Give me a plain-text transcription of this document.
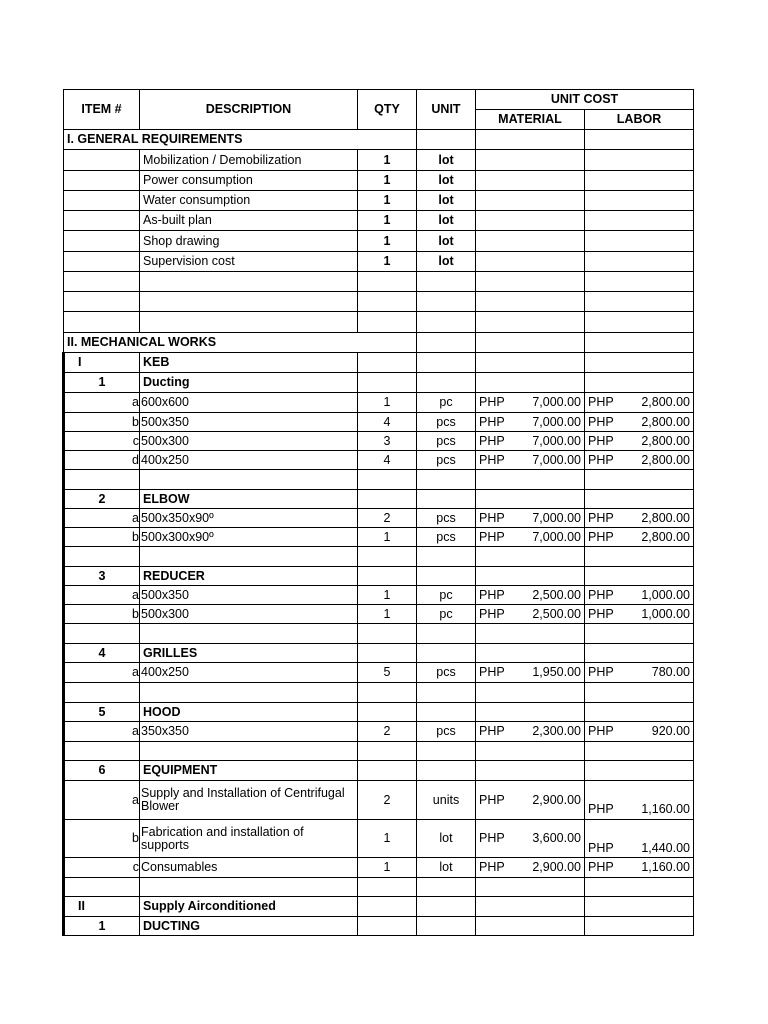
ITEM #	DESCRIPTION	QTY	UNIT	UNIT COST	
				MATERIAL	LABOR
I. GENERAL REQUIREMENTS					
	Mobilization / Demobilization	1	lot		
	Power consumption	1	lot		
	Water consumption	1	lot		
	As-built plan	1	lot		
	Shop drawing	1	lot		
	Supervision cost	1	lot		

II. MECHANICAL WORKS					
I	KEB				
1	Ducting				
a	600x600	1	pc	PHP 7,000.00	PHP 2,800.00

b	500x350	4	pcs	PHP 7,000.00	PHP 2,800.00

c	500x300	3	pcs	PHP 7,000.00	PHP 2,800.00

d	400x250	4	pcs	PHP 7,000.00	PHP 2,800.00

2	ELBOW				
a	500x350x90º	2	pcs	PHP 7,000.00	PHP 2,800.00

b	500x300x90º	1	pcs	PHP 7,000.00	PHP 2,800.00

3	REDUCER				
a	500x350	1	pc	PHP 2,500.00	PHP 1,000.00

b	500x300	1	pc	PHP 2,500.00	PHP 1,000.00

4	GRILLES				
a	400x250	5	pcs	PHP 1,950.00	PHP 780.00

5	HOOD				
a	350x350	2	pcs	PHP 2,300.00	PHP 920.00

6	EQUIPMENT				
a	Supply and Installation of Centrifugal Blower	2	units	PHP 2,900.00	PHP 1,160.00

b	Fabrication and installation of supports	1	lot	PHP 3,600.00	PHP 1,440.00

c	Consumables	1	lot	PHP 2,900.00	PHP 1,160.00

II	Supply Airconditioned				
1	DUCTING				
